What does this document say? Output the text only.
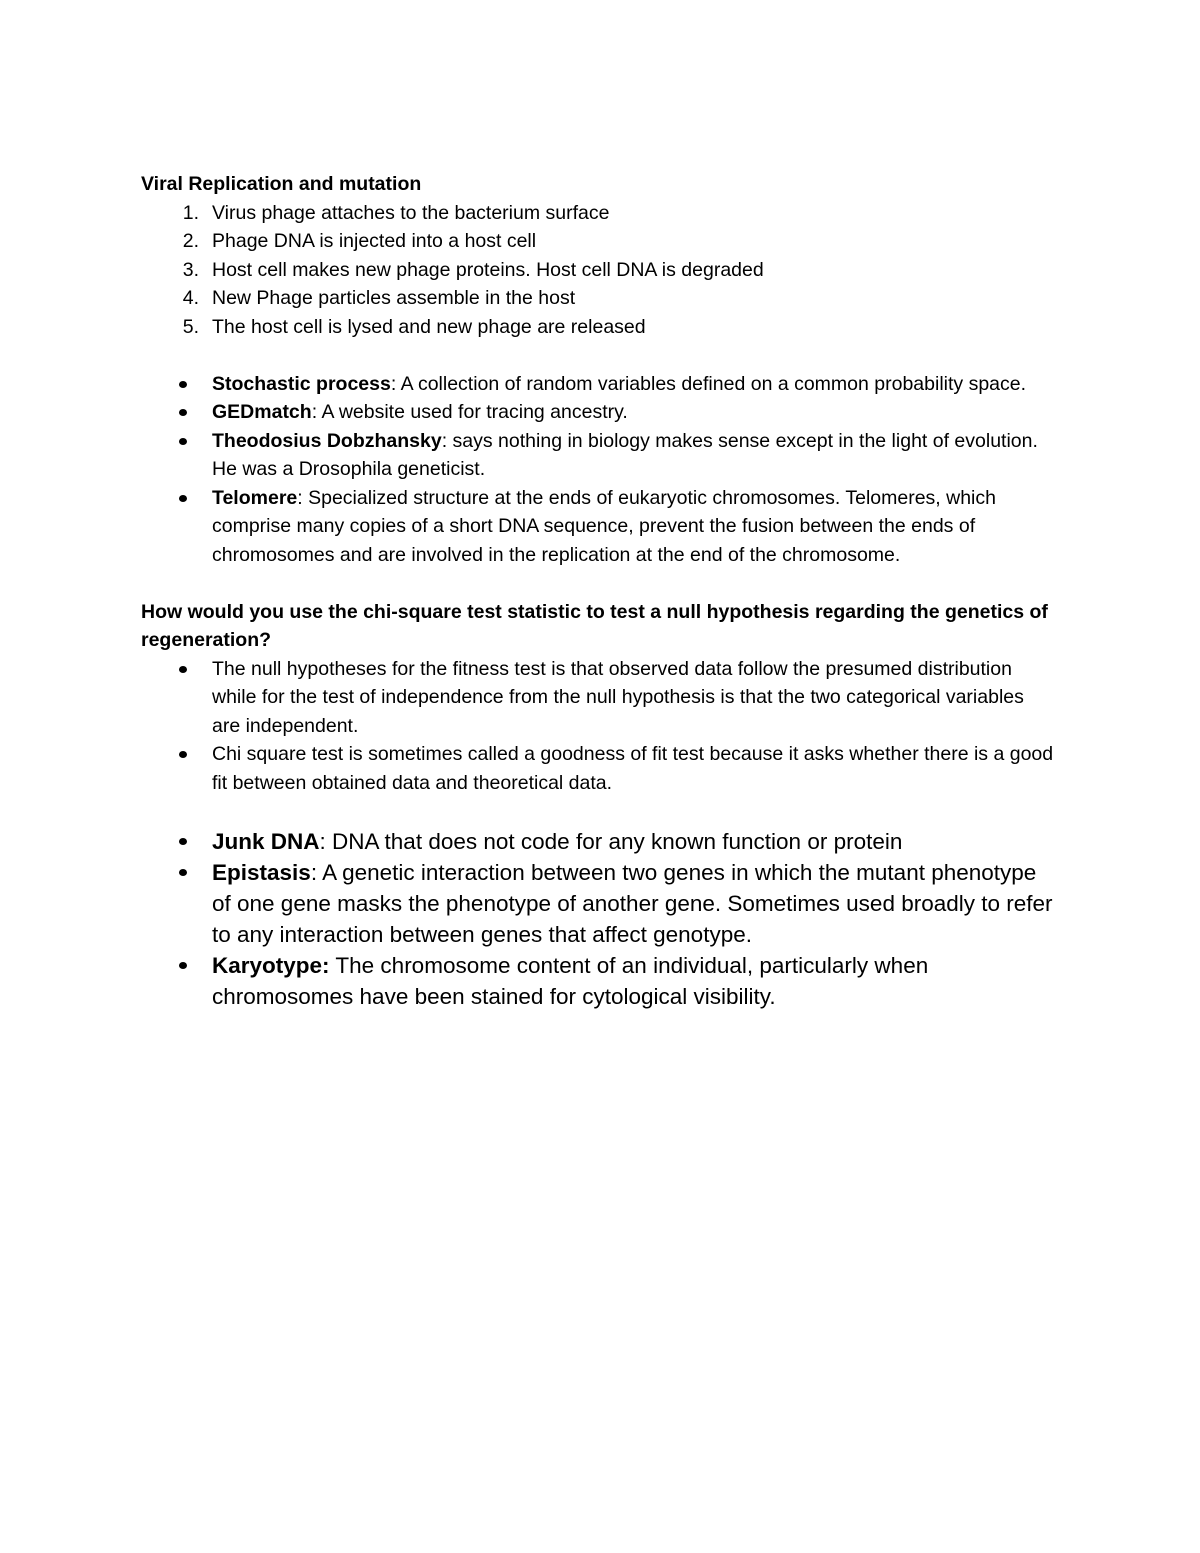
Viral Replication and mutation

1. Virus phage attaches to the bacterium surface
2. Phage DNA is injected into a host cell
3. Host cell makes new phage proteins. Host cell DNA is degraded
4. New Phage particles assemble in the host
5. The host cell is lysed and new phage are released
Stochastic process: A collection of random variables defined on a common probability space.
GEDmatch: A website used for tracing ancestry.
Theodosius Dobzhansky: says nothing in biology makes sense except in the light of evolution. He was a Drosophila geneticist.
Telomere: Specialized structure at the ends of eukaryotic chromosomes. Telomeres, which comprise many copies of a short DNA sequence, prevent the fusion between the ends of chromosomes and are involved in the replication at the end of the chromosome.

How would you use the chi-square test statistic to test a null hypothesis regarding the genetics of regeneration?

The null hypotheses for the fitness test is that observed data follow the presumed distribution while for the test of independence from the null hypothesis is that the two categorical variables are independent.
Chi square test is sometimes called a goodness of fit test because it asks whether there is a good fit between obtained data and theoretical data.
Junk DNA: DNA that does not code for any known function or protein
Epistasis: A genetic interaction between two genes in which the mutant phenotype of one gene masks the phenotype of another gene. Sometimes used broadly to refer to any interaction between genes that affect genotype.
Karyotype: The chromosome content of an individual, particularly when chromosomes have been stained for cytological visibility.
